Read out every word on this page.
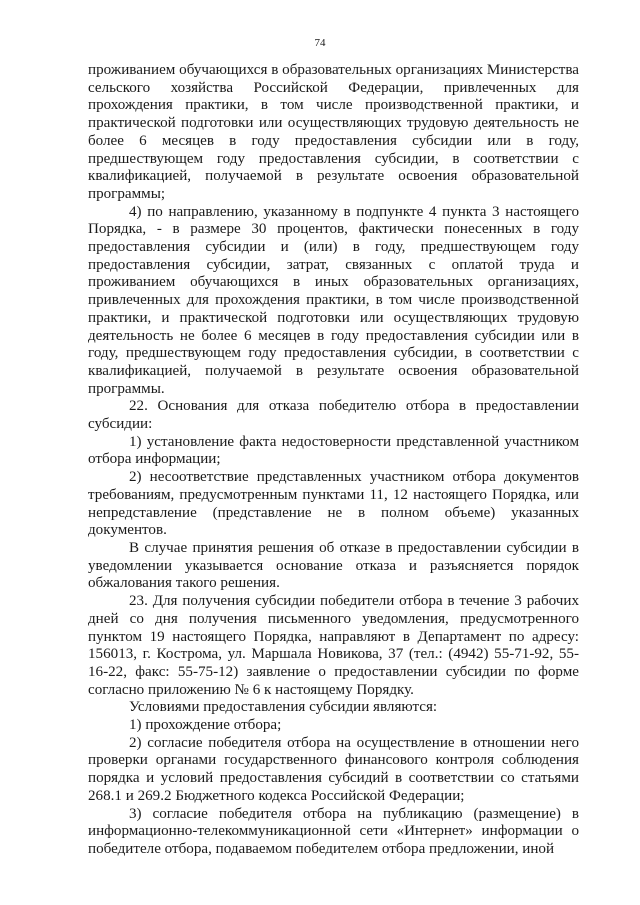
74

проживанием обучающихся в образовательных организациях Министерства сельского хозяйства Российской Федерации, привлеченных для прохождения практики, в том числе производственной практики, и практической подготовки или осуществляющих трудовую деятельность не более 6 месяцев в году предоставления субсидии или в году, предшествующем году предоставления субсидии, в соответствии с квалификацией, получаемой в результате освоения образовательной программы;

4) по направлению, указанному в подпункте 4 пункта 3 настоящего Порядка, - в размере 30 процентов, фактически понесенных в году предоставления субсидии и (или) в году, предшествующем году предоставления субсидии, затрат, связанных с оплатой труда и проживанием обучающихся в иных образовательных организациях, привлеченных для прохождения практики, в том числе производственной практики, и практической подготовки или осуществляющих трудовую деятельность не более 6 месяцев в году предоставления субсидии или в году, предшествующем году предоставления субсидии, в соответствии с квалификацией, получаемой в результате освоения образовательной программы.

22. Основания для отказа победителю отбора в предоставлении субсидии:

1) установление факта недостоверности представленной участником отбора информации;

2) несоответствие представленных участником отбора документов требованиям, предусмотренным пунктами 11, 12 настоящего Порядка, или непредставление (представление не в полном объеме) указанных документов.

В случае принятия решения об отказе в предоставлении субсидии в уведомлении указывается основание отказа и разъясняется порядок обжалования такого решения.

23. Для получения субсидии победители отбора в течение 3 рабочих дней со дня получения письменного уведомления, предусмотренного пунктом 19 настоящего Порядка, направляют в Департамент по адресу: 156013, г. Кострома, ул. Маршала Новикова, 37 (тел.: (4942) 55-71-92, 55-16-22, факс: 55-75-12) заявление о предоставлении субсидии по форме согласно приложению № 6 к настоящему Порядку.

Условиями предоставления субсидии являются:

1) прохождение отбора;

2) согласие победителя отбора на осуществление в отношении него проверки органами государственного финансового контроля соблюдения порядка и условий предоставления субсидий в соответствии со статьями 268.1 и 269.2 Бюджетного кодекса Российской Федерации;

3) согласие победителя отбора на публикацию (размещение) в информационно-телекоммуникационной сети «Интернет» информации о победителе отбора, подаваемом победителем отбора предложении, иной
